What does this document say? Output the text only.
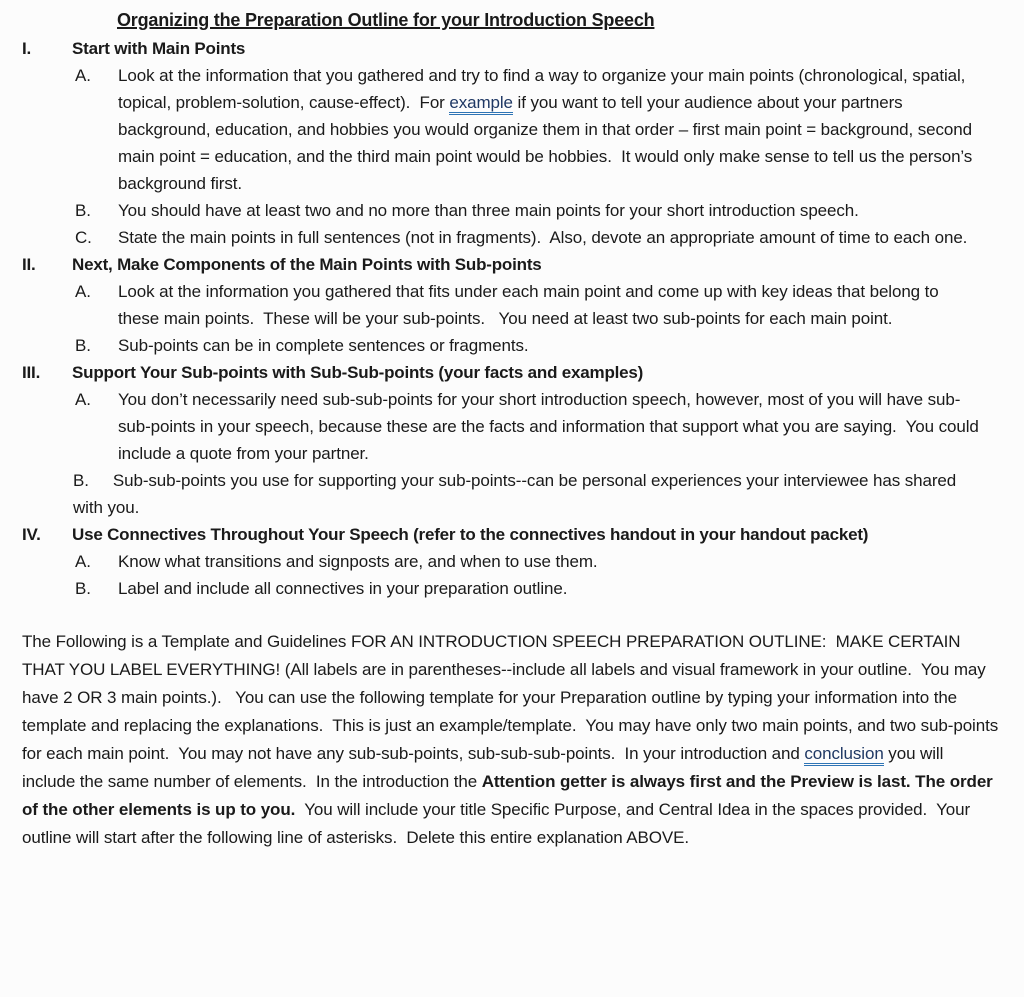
Organizing the Preparation Outline for your Introduction Speech
I.	Start with Main Points
A.	Look at the information that you gathered and try to find a way to organize your main points (chronological, spatial, topical, problem-solution, cause-effect).  For example if you want to tell your audience about your partners background, education, and hobbies you would organize them in that order – first main point = background, second main point = education, and the third main point would be hobbies.  It would only make sense to tell us the person’s background first.

B.	You should have at least two and no more than three main points for your short introduction speech.

C.	State the main points in full sentences (not in fragments).  Also, devote an appropriate amount of time to each one.

II.	Next, Make Components of the Main Points with Sub-points
A.	Look at the information you gathered that fits under each main point and come up with key ideas that belong to these main points.  These will be your sub-points.   You need at least two sub-points for each main point.

B.	Sub-points can be in complete sentences or fragments.

III.	Support Your Sub-points with Sub-Sub-points (your facts and examples)
A.	You don’t necessarily need sub-sub-points for your short introduction speech, however, most of you will have sub-sub-points in your speech, because these are the facts and information that support what you are saying.  You could include a quote from your partner.

B. Sub-sub-points you use for supporting your sub-points--can be personal experiences your interviewee has shared with you.

IV.	Use Connectives Throughout Your Speech (refer to the connectives handout in your handout packet)
A.	Know what transitions and signposts are, and when to use them.

B.	Label and include all connectives in your preparation outline.

The Following is a Template and Guidelines FOR AN INTRODUCTION SPEECH PREPARATION OUTLINE:  MAKE CERTAIN THAT YOU LABEL EVERYTHING! (All labels are in parentheses--include all labels and visual framework in your outline.  You may have 2 OR 3 main points.).   You can use the following template for your Preparation outline by typing your information into the template and replacing the explanations.  This is just an example/template.  You may have only two main points, and two sub-points for each main point.  You may not have any sub-sub-points, sub-sub-sub-points.  In your introduction and conclusion you will include the same number of elements.  In the introduction the Attention getter is always first and the Preview is last. The order of the other elements is up to you.  You will include your title Specific Purpose, and Central Idea in the spaces provided.  Your outline will start after the following line of asterisks.  Delete this entire explanation ABOVE.
